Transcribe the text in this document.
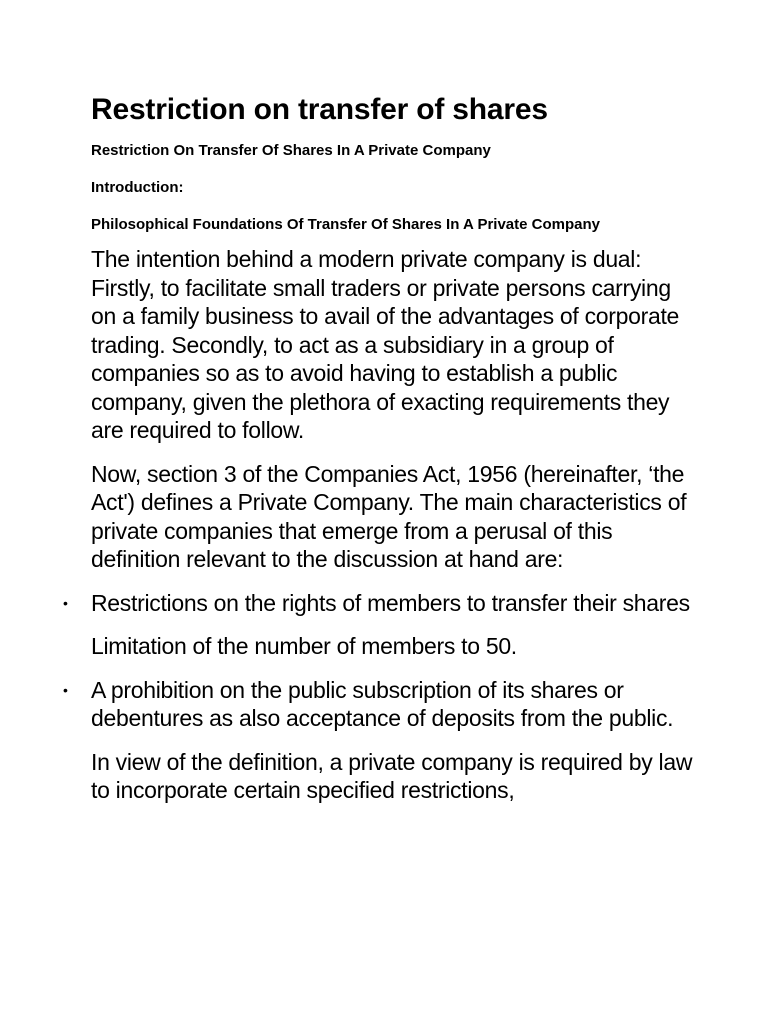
Restriction on transfer of shares
Restriction On Transfer Of Shares In A Private Company
Introduction:
Philosophical Foundations Of Transfer Of Shares In A Private Company

The intention behind a modern private company is dual: Firstly, to facilitate small traders or private persons carrying on a family business to avail of the advantages of corporate trading. Secondly, to act as a subsidiary in a group of companies so as to avoid having to establish a public company, given the plethora of exacting requirements they are required to follow.

Now, section 3 of the Companies Act, 1956 (hereinafter, ‘the Act') defines a Private Company. The main characteristics of private companies that emerge from a perusal of this definition relevant to the discussion at hand are:

• Restrictions on the rights of members to transfer their shares

Limitation of the number of members to 50.

• A prohibition on the public subscription of its shares or debentures as also acceptance of deposits from the public.

In view of the definition, a private company is required by law to incorporate certain specified restrictions,
